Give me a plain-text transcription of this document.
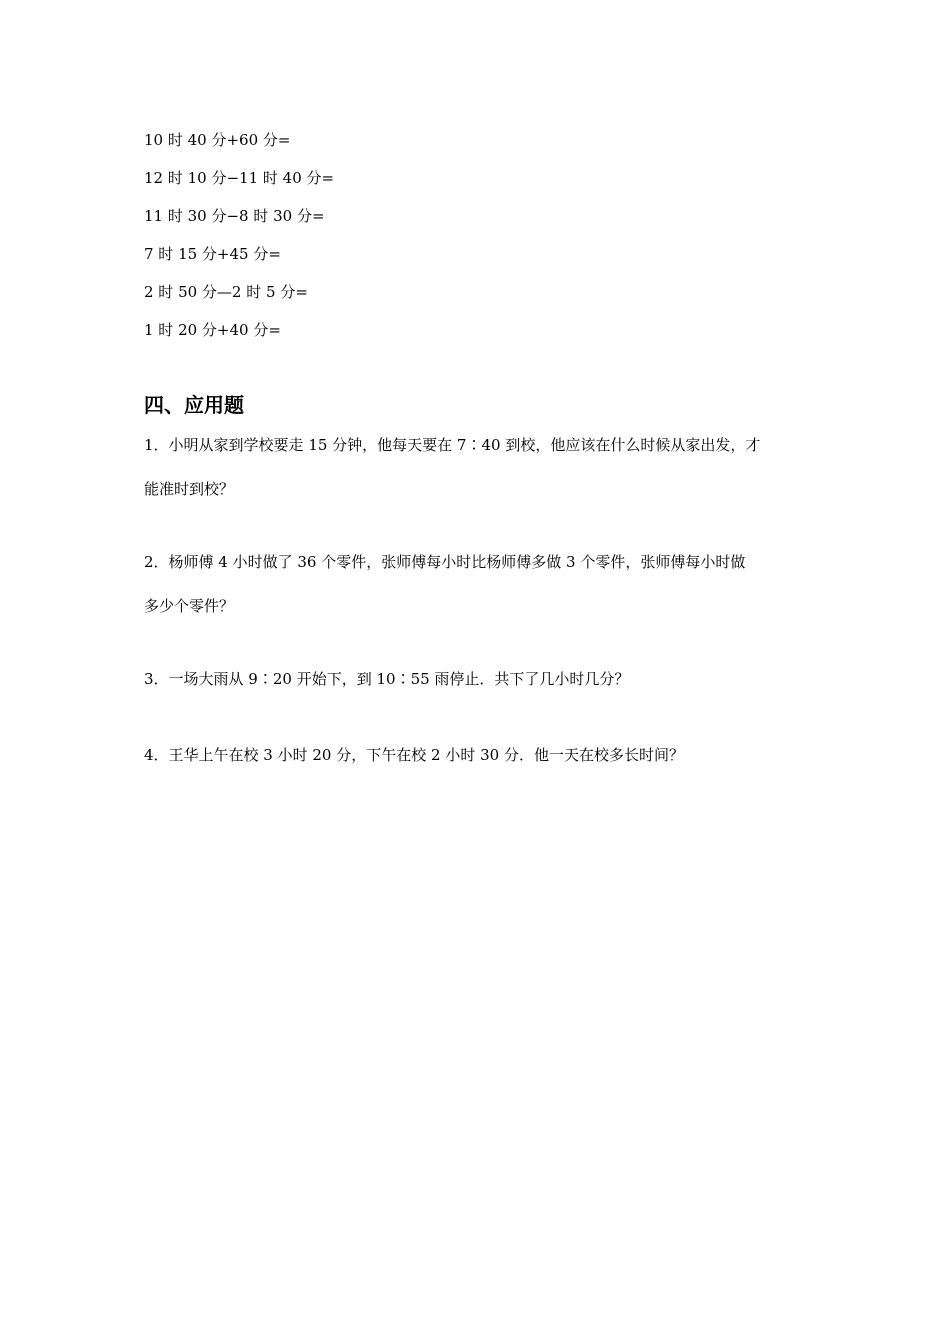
10 时 40 分+60 分=
12 时 10 分−11 时 40 分=
11 时 30 分−8 时 30 分=
7 时 15 分+45 分=
2 时 50 分—2 时 5 分=
1 时 20 分+40 分=
四、应用题
1．小明从家到学校要走 15 分钟，他每天要在 7∶40 到校，他应该在什么时候从家出发，才
能准时到校？
2．杨师傅 4 小时做了 36 个零件，张师傅每小时比杨师傅多做 3 个零件，张师傅每小时做
多少个零件？
3．一场大雨从 9∶20 开始下，到 10∶55 雨停止．共下了几小时几分？
4．王华上午在校 3 小时 20 分，下午在校 2 小时 30 分．他一天在校多长时间？
